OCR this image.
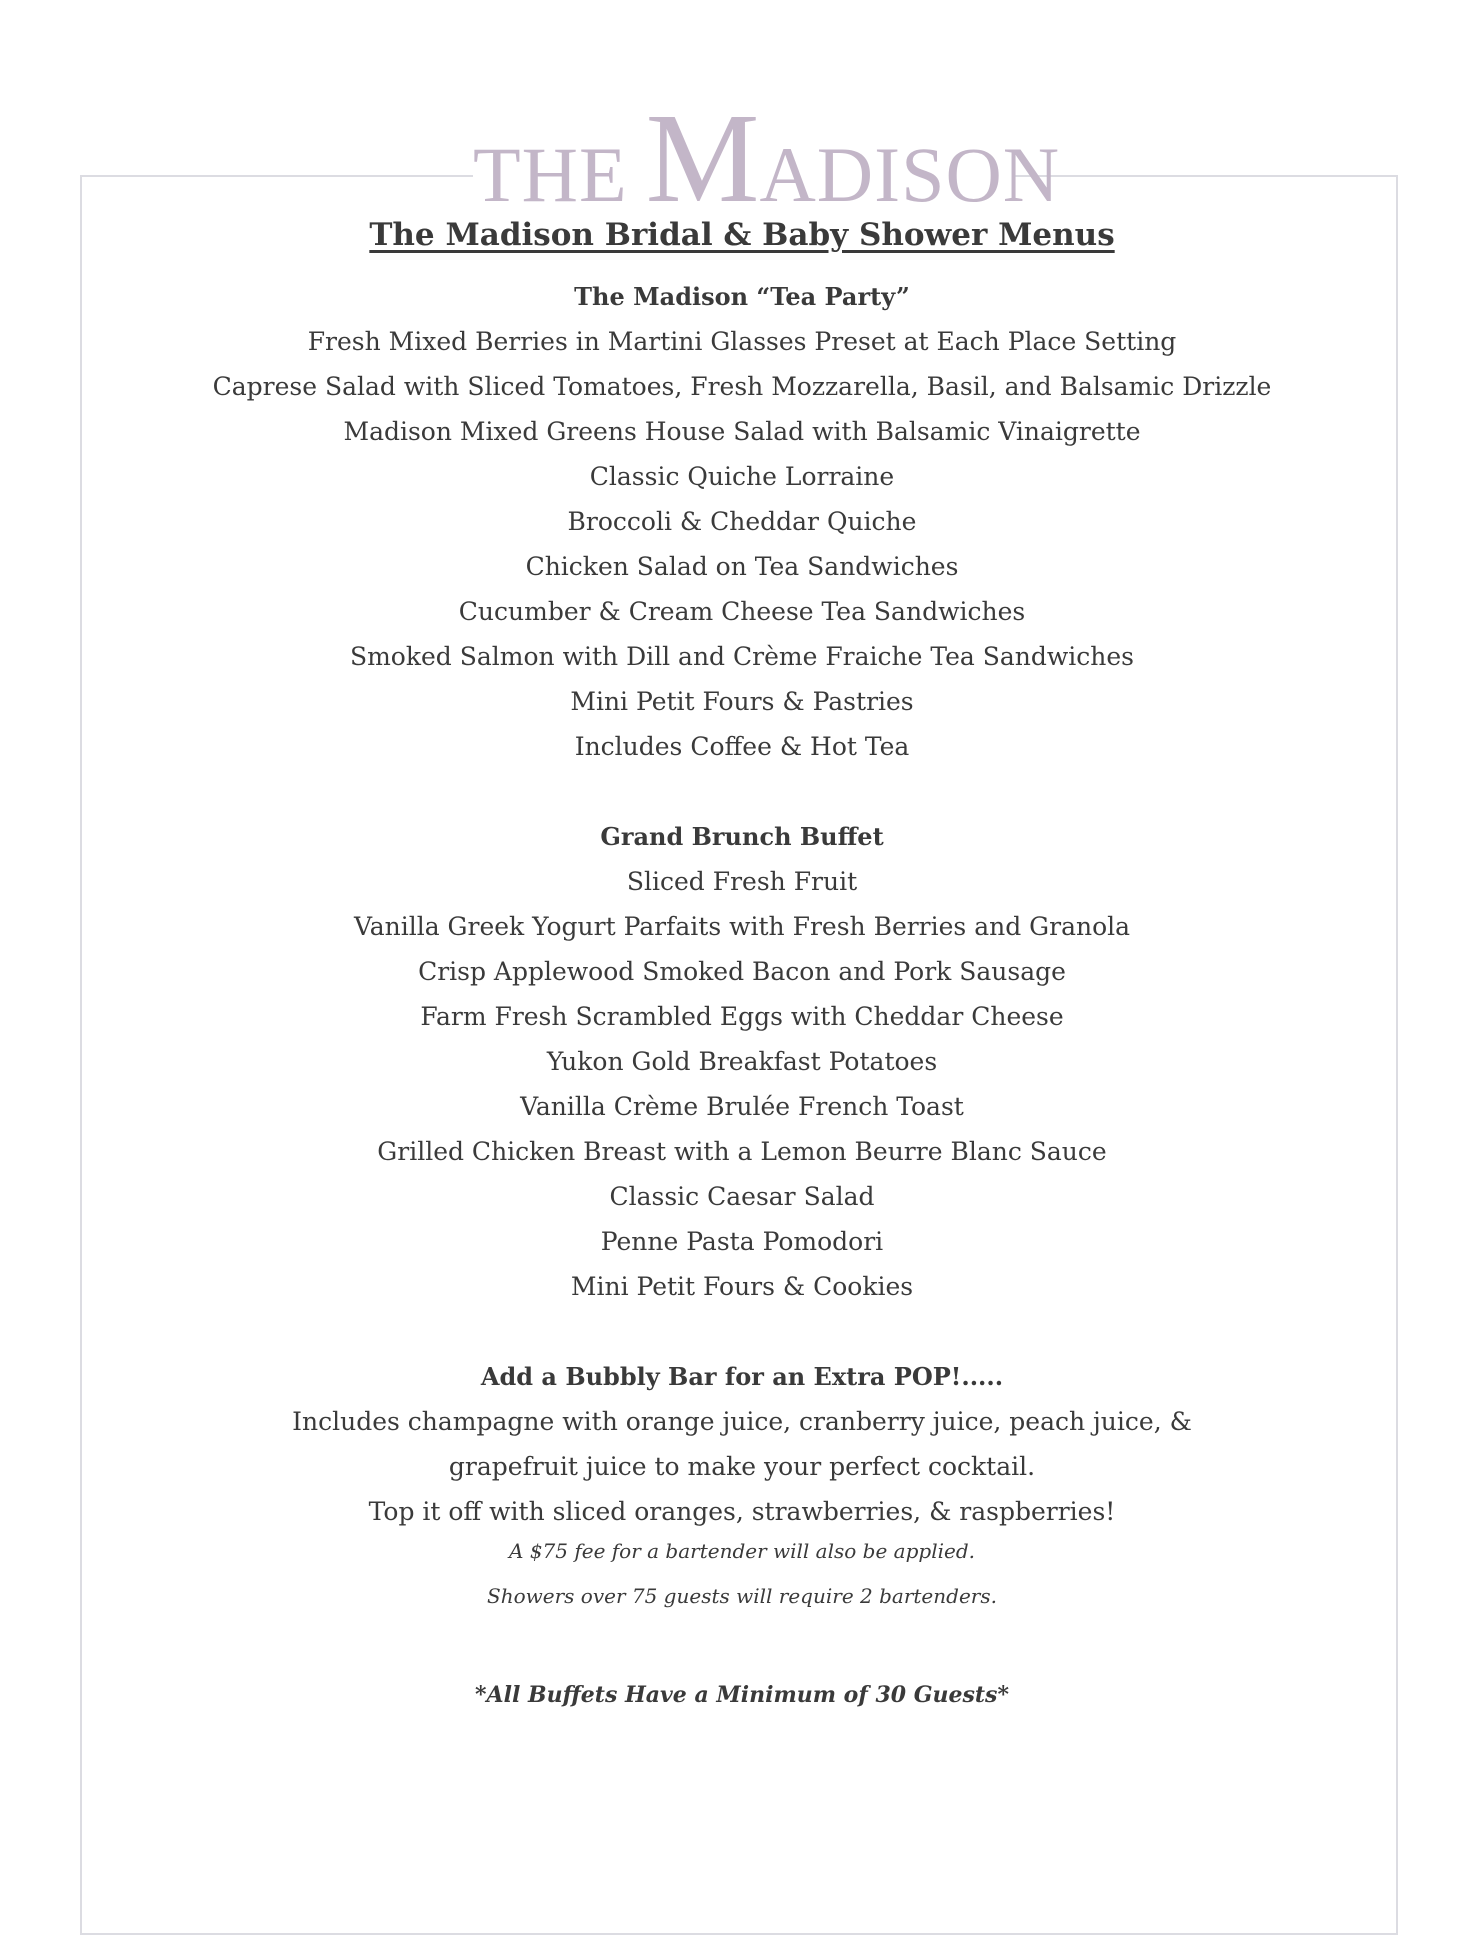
THE MADISON
The Madison Bridal & Baby Shower Menus
The Madison “Tea Party”
Fresh Mixed Berries in Martini Glasses Preset at Each Place Setting
Caprese Salad with Sliced Tomatoes, Fresh Mozzarella, Basil, and Balsamic Drizzle
Madison Mixed Greens House Salad with Balsamic Vinaigrette
Classic Quiche Lorraine
Broccoli & Cheddar Quiche
Chicken Salad on Tea Sandwiches
Cucumber & Cream Cheese Tea Sandwiches
Smoked Salmon with Dill and Crème Fraiche Tea Sandwiches
Mini Petit Fours & Pastries
Includes Coffee & Hot Tea
Grand Brunch Buffet
Sliced Fresh Fruit
Vanilla Greek Yogurt Parfaits with Fresh Berries and Granola
Crisp Applewood Smoked Bacon and Pork Sausage
Farm Fresh Scrambled Eggs with Cheddar Cheese
Yukon Gold Breakfast Potatoes
Vanilla Crème Brulée French Toast
Grilled Chicken Breast with a Lemon Beurre Blanc Sauce
Classic Caesar Salad
Penne Pasta Pomodori
Mini Petit Fours & Cookies
Add a Bubbly Bar for an Extra POP!.....
Includes champagne with orange juice, cranberry juice, peach juice, &
grapefruit juice to make your perfect cocktail.
Top it off with sliced oranges, strawberries, & raspberries!
A $75 fee for a bartender will also be applied.
Showers over 75 guests will require 2 bartenders.
*All Buffets Have a Minimum of 30 Guests*
